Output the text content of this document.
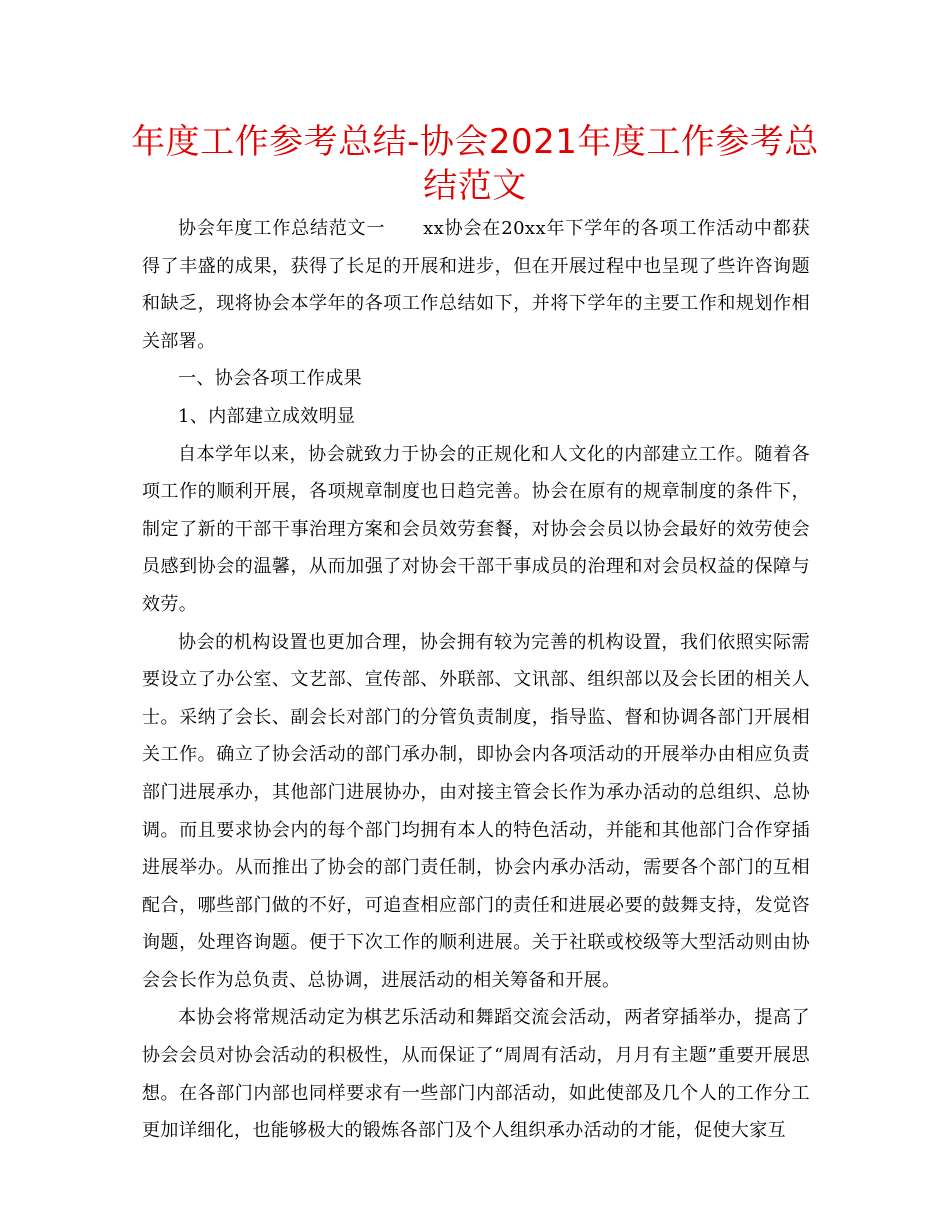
年度工作参考总结-协会2021年度工作参考总结范文

协会年度工作总结范文一　　xx协会在20xx年下学年的各项工作活动中都获得了丰盛的成果，获得了长足的开展和进步，但在开展过程中也呈现了些许咨询题和缺乏，现将协会本学年的各项工作总结如下，并将下学年的主要工作和规划作相关部署。

一、协会各项工作成果

1、内部建立成效明显

自本学年以来，协会就致力于协会的正规化和人文化的内部建立工作。随着各项工作的顺利开展，各项规章制度也日趋完善。协会在原有的规章制度的条件下，制定了新的干部干事治理方案和会员效劳套餐，对协会会员以协会最好的效劳使会员感到协会的温馨，从而加强了对协会干部干事成员的治理和对会员权益的保障与效劳。

协会的机构设置也更加合理，协会拥有较为完善的机构设置，我们依照实际需要设立了办公室、文艺部、宣传部、外联部、文讯部、组织部以及会长团的相关人士。采纳了会长、副会长对部门的分管负责制度，指导监、督和协调各部门开展相关工作。确立了协会活动的部门承办制，即协会内各项活动的开展举办由相应负责部门进展承办，其他部门进展协办，由对接主管会长作为承办活动的总组织、总协调。而且要求协会内的每个部门均拥有本人的特色活动，并能和其他部门合作穿插进展举办。从而推出了协会的部门责任制，协会内承办活动，需要各个部门的互相配合，哪些部门做的不好，可追查相应部门的责任和进展必要的鼓舞支持，发觉咨询题，处理咨询题。便于下次工作的顺利进展。关于社联或校级等大型活动则由协会会长作为总负责、总协调，进展活动的相关筹备和开展。

本协会将常规活动定为棋艺乐活动和舞蹈交流会活动，两者穿插举办，提高了协会会员对协会活动的积极性，从而保证了“周周有活动，月月有主题”重要开展思想。在各部门内部也同样要求有一些部门内部活动，如此使部及几个人的工作分工更加详细化，也能够极大的锻炼各部门及个人组织承办活动的才能，促使大家互
